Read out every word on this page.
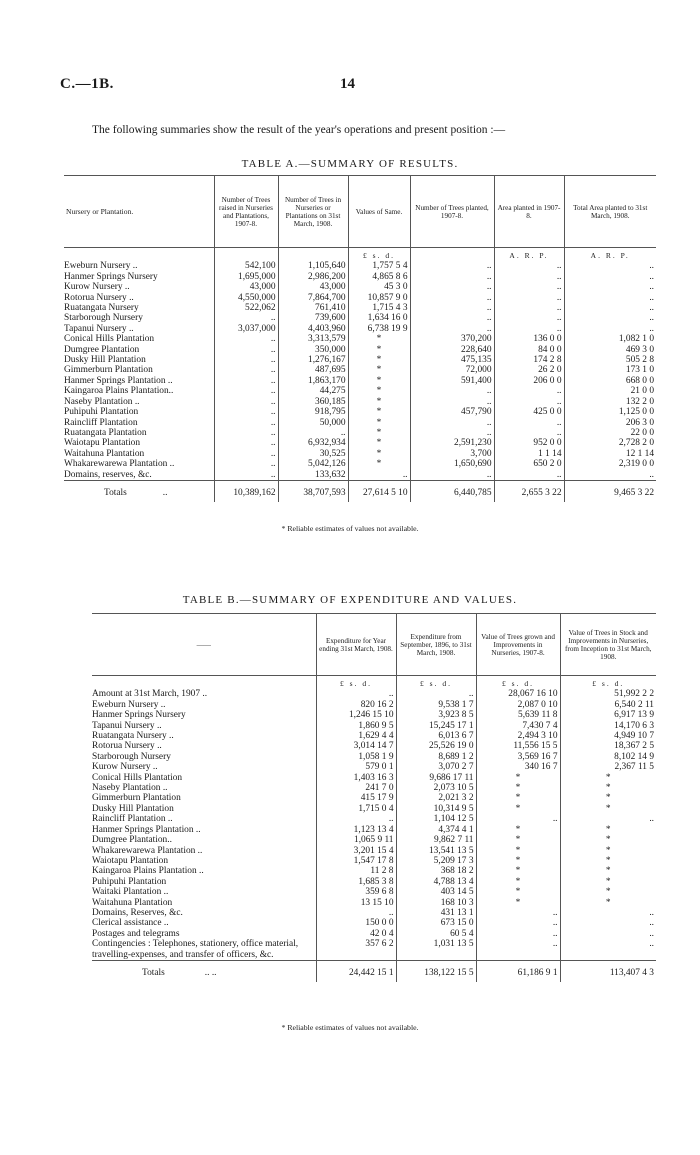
C.—1B.	14
The following summaries show the result of the year's operations and present position :—
TABLE A.—SUMMARY OF RESULTS.
Nursery or Plantation.	Number of Trees raised in Nurseries and Plantations, 1907-8.	Number of Trees in Nurseries or Plantations on 31st March, 1908.	Values of Same.	Number of Trees planted, 1907-8.	Area planted in 1907-8.	Total Area planted to 31st March, 1908.
			£ s. d.		A. R. P.	A. R. P.
Eweburn Nursery ..	542,100	1,105,640	1,757 5 4	..	..	..
Hanmer Springs Nursery	1,695,000	2,986,200	4,865 8 6	..	..	..
Kurow Nursery ..	43,000	43,000	45 3 0	..	..	..
Rotorua Nursery ..	4,550,000	7,864,700	10,857 9 0	..	..	..
Ruatangata Nursery	522,062	761,410	1,715 4 3	..	..	..
Starborough Nursery	..	739,600	1,634 16 0	..	..	..
Tapanui Nursery ..	3,037,000	4,403,960	6,738 19 9	..	..	..
Conical Hills Plantation	..	3,313,579	*	370,200	136 0 0	1,082 1 0
Dumgree Plantation	..	350,000	*	228,640	84 0 0	469 3 0
Dusky Hill Plantation	..	1,276,167	*	475,135	174 2 8	505 2 8
Gimmerburn Plantation	..	487,695	*	72,000	26 2 0	173 1 0
Hanmer Springs Plantation ..	..	1,863,170	*	591,400	206 0 0	668 0 0
Kaingaroa Plains Plantation..	..	44,275	*	..	..	21 0 0
Naseby Plantation ..	..	360,185	*	..	..	132 2 0
Puhipuhi Plantation	..	918,795	*	457,790	425 0 0	1,125 0 0
Raincliff Plantation	..	50,000	*	..	..	206 3 0
Ruatangata Plantation	..	..	*	..	..	22 0 0
Waiotapu Plantation	..	6,932,934	*	2,591,230	952 0 0	2,728 2 0
Waitahuna Plantation	..	30,525	*	3,700	1 1 14	12 1 14
Whakarewarewa Plantation ..	..	5,042,126	*	1,650,690	650 2 0	2,319 0 0
Domains, reserves, &c.	..	133,632	..	..	..	..
Totals ..	10,389,162	38,707,593	27,614 5 10	6,440,785	2,655 3 22	9,465 3 22
* Reliable estimates of values not available.
TABLE B.—SUMMARY OF EXPENDITURE AND VALUES.
——	Expenditure for Year ending 31st March, 1908.	Expenditure from September, 1896, to 31st March, 1908.	Value of Trees grown and Improvements in Nurseries, 1907-8.	Value of Trees in Stock and Improvements in Nurseries, from Inception to 31st March, 1908.
	£ s. d.	£ s. d.	£ s. d.	£ s. d.
Amount at 31st March, 1907 ..	..	..	28,067 16 10	51,992 2 2
Eweburn Nursery ..	820 16 2	9,538 1 7	2,087 0 10	6,540 2 11
Hanmer Springs Nursery	1,246 15 10	3,923 8 5	5,639 11 8	6,917 13 9
Tapanui Nursery ..	1,860 9 5	15,245 17 1	7,430 7 4	14,170 6 3
Ruatangata Nursery ..	1,629 4 4	6,013 6 7	2,494 3 10	4,949 10 7
Rotorua Nursery ..	3,014 14 7	25,526 19 0	11,556 15 5	18,367 2 5
Starborough Nursery	1,058 1 9	8,689 1 2	3,569 16 7	8,102 14 9
Kurow Nursery ..	579 0 1	3,070 2 7	340 16 7	2,367 11 5
Conical Hills Plantation	1,403 16 3	9,686 17 11	*	*
Naseby Plantation ..	241 7 0	2,073 10 5	*	*
Gimmerburn Plantation	415 17 9	2,021 3 2	*	*
Dusky Hill Plantation	1,715 0 4	10,314 9 5	*	*
Raincliff Plantation ..	..	1,104 12 5	..	..
Hanmer Springs Plantation ..	1,123 13 4	4,374 4 1	*	*
Dumgree Plantation..	1,065 9 11	9,862 7 11	*	*
Whakarewarewa Plantation ..	3,201 15 4	13,541 13 5	*	*
Waiotapu Plantation	1,547 17 8	5,209 17 3	*	*
Kaingaroa Plains Plantation ..	11 2 8	368 18 2	*	*
Puhipuhi Plantation	1,685 3 8	4,788 13 4	*	*
Waitaki Plantation ..	359 6 8	403 14 5	*	*
Waitahuna Plantation	13 15 10	168 10 3	*	*
Domains, Reserves, &c.	..	431 13 1	..	..
Clerical assistance ..	150 0 0	673 15 0	..	..
Postages and telegrams	42 0 4	60 5 4	..	..
Contingencies : Telephones, stationery, office material, travelling-expenses, and transfer of officers, &c.	357 6 2	1,031 13 5	..	..
Totals .. ..	24,442 15 1	138,122 15 5	61,186 9 1	113,407 4 3
* Reliable estimates of values not available.
